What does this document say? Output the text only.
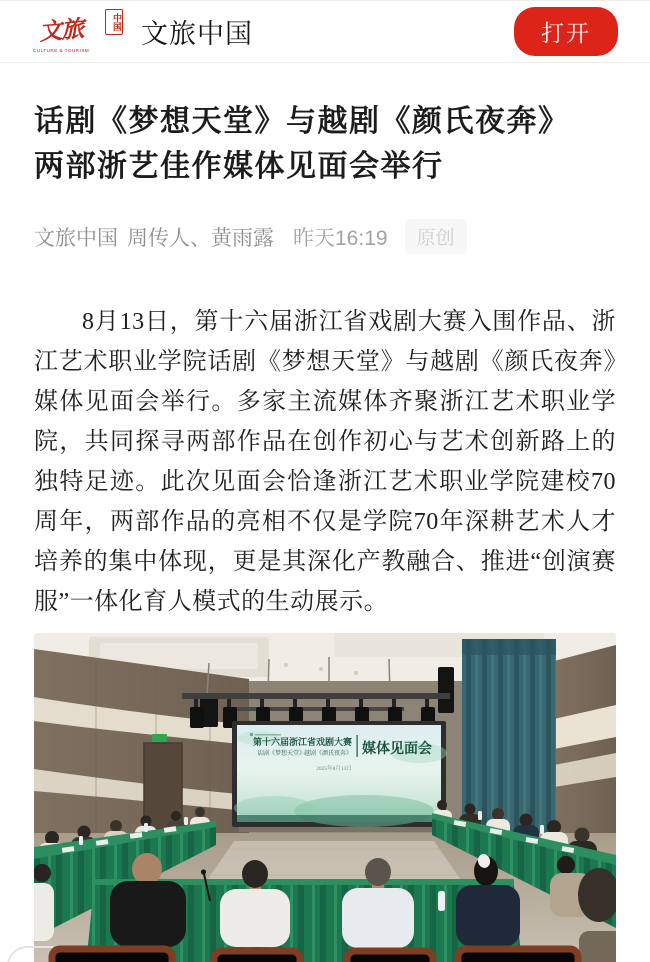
文旅	中国
CULTURE & TOURISM
文旅中国	打开
话剧《梦想天堂》与越剧《颜氏夜奔》两部浙艺佳作媒体见面会举行
文旅中国 周传人、黄雨露 昨天16:19	原创

8月13日，第十六届浙江省戏剧大赛入围作品、浙江艺术职业学院话剧《梦想天堂》与越剧《颜氏夜奔》媒体见面会举行。多家主流媒体齐聚浙江艺术职业学院，共同探寻两部作品在创作初心与艺术创新路上的独特足迹。此次见面会恰逢浙江艺术职业学院建校70周年，两部作品的亮相不仅是学院70年深耕艺术人才培养的集中体现，更是其深化产教融合、推进“创演赛服”一体化育人模式的生动展示。

第十六届浙江省戏剧大赛
话剧《梦想天堂》·越剧《颜氏夜奔》 媒体见面会
2025年8月13日
